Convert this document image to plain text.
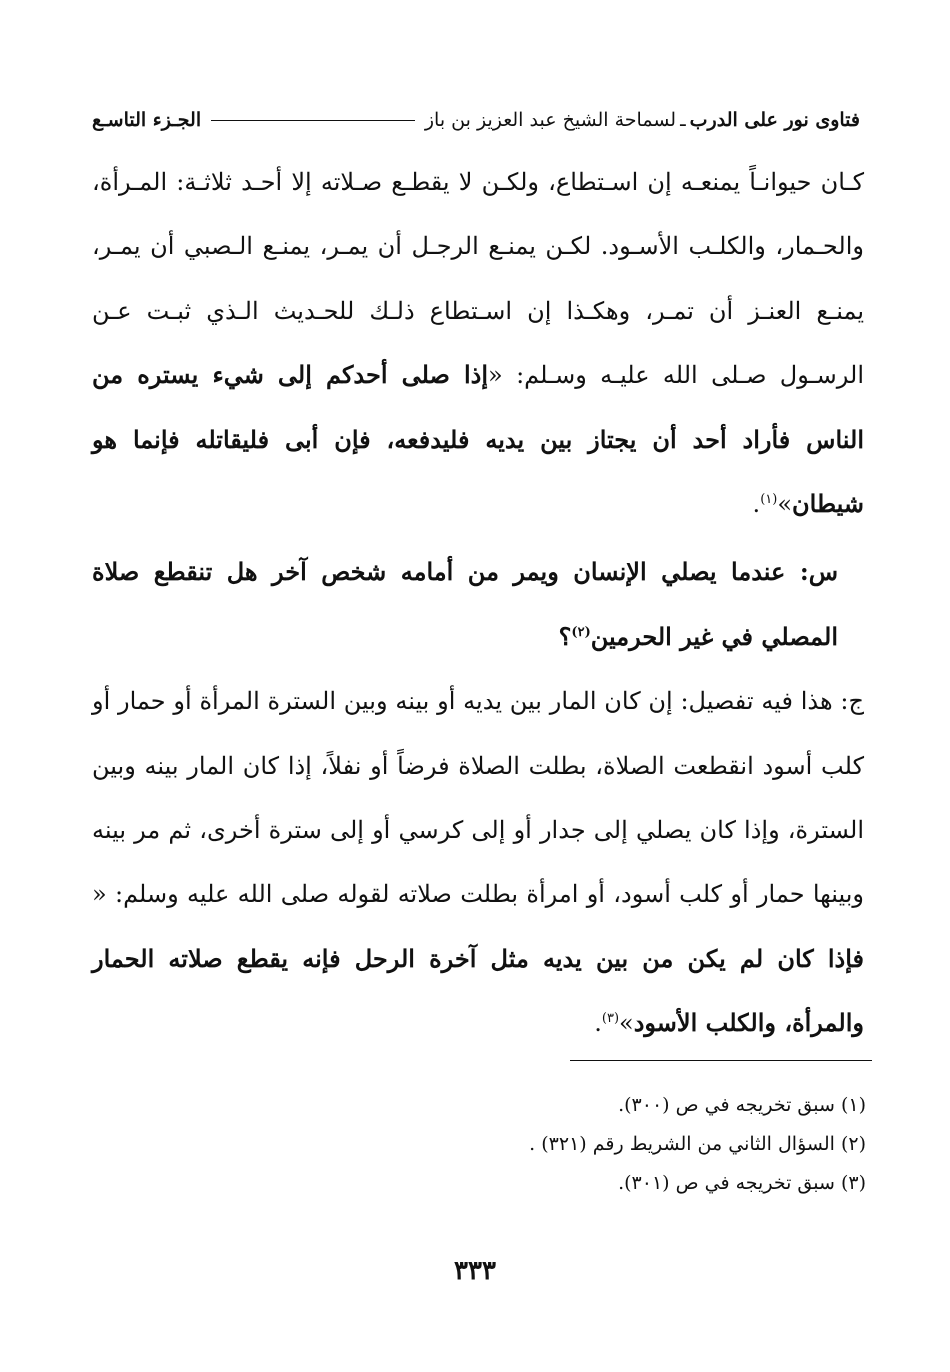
فتاوى نور على الدرب
ـ
لسماحة الشيخ عبد العزيز بن باز
الجـزء التاسـع

كـان حيوانـاً يمنعـه إن اسـتطاع، ولكـن لا يقطـع صـلاته إلا أحـد ثلاثـة: المـرأة، والحـمار، والكلـب الأسـود. لكـن يمنـع الرجـل أن يمـر، يمنـع الـصبي أن يمـر، يمنـع العنـز أن تمـر، وهكـذا إن اسـتطاع ذلـك للحـديث الـذي ثبـت عـن الرسـول صـلى الله عليـه وسـلم: «إذا صلى أحدكم إلى شيء يستره من الناس فأراد أحد أن يجتاز بين يديه فليدفعه، فإن أبى فليقاتله فإنما هو شيطان»$^{(١)}$.

س: عندما يصلي الإنسان ويمر من أمامه شخص آخر هل تنقطع صلاة المصلي في غير الحرمين$^{(٢)}$؟

ج: هذا فيه تفصيل: إن كان المار بين يديه أو بينه وبين السترة المرأة أو حمار أو كلب أسود انقطعت الصلاة، بطلت الصلاة فرضاً أو نفلاً، إذا كان المار بينه وبين السترة، وإذا كان يصلي إلى جدار أو إلى كرسي أو إلى سترة أخرى، ثم مر بينه وبينها حمار أو كلب أسود، أو امرأة بطلت صلاته لقوله صلى الله عليه وسلم: « فإذا كان لم يكن من بين يديه مثل آخرة الرحل فإنه يقطع صلاته الحمار والمرأة، والكلب الأسود»$^{(٣)}$.

(١) سبق تخريجه في ص (٣٠٠).

(٢) السؤال الثاني من الشريط رقم (٣٢١) .

(٣) سبق تخريجه في ص (٣٠١).

٣٣٣
